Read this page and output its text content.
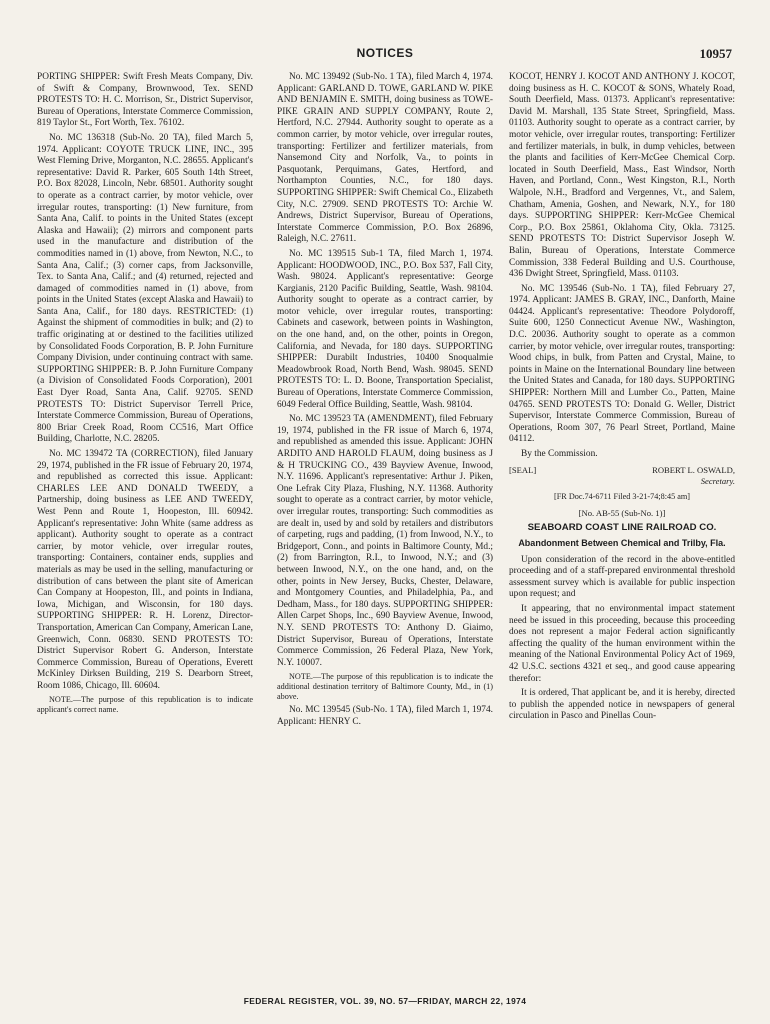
NOTICES	10957

PORTING SHIPPER: Swift Fresh Meats Company, Div. of Swift & Company, Brownwood, Tex. SEND PROTESTS TO: H. C. Morrison, Sr., District Supervisor, Bureau of Operations, Interstate Commerce Commission, 819 Taylor St., Fort Worth, Tex. 76102.

No. MC 136318 (Sub-No. 20 TA), filed March 5, 1974. Applicant: COYOTE TRUCK LINE, INC., 395 West Fleming Drive, Morganton, N.C. 28655. Applicant's representative: David R. Parker, 605 South 14th Street, P.O. Box 82028, Lincoln, Nebr. 68501. Authority sought to operate as a contract carrier, by motor vehicle, over irregular routes, transporting: (1) New furniture, from Santa Ana, Calif. to points in the United States (except Alaska and Hawaii); (2) mirrors and component parts used in the manufacture and distribution of the commodities named in (1) above, from Newton, N.C., to Santa Ana, Calif.; (3) corner caps, from Jacksonville, Tex. to Santa Ana, Calif.; and (4) returned, rejected and damaged of commodities named in (1) above, from points in the United States (except Alaska and Hawaii) to Santa Ana, Calif., for 180 days. RESTRICTED: (1) Against the shipment of commodities in bulk; and (2) to traffic originating at or destined to the facilities utilized by Consolidated Foods Corporation, B. P. John Furniture Company Division, under continuing contract with same. SUPPORTING SHIPPER: B. P. John Furniture Company (a Division of Consolidated Foods Corporation), 2001 East Dyer Road, Santa Ana, Calif. 92705. SEND PROTESTS TO: District Supervisor Terrell Price, Interstate Commerce Commission, Bureau of Operations, 800 Briar Creek Road, Room CC516, Mart Office Building, Charlotte, N.C. 28205.

No. MC 139472 TA (CORRECTION), filed January 29, 1974, published in the FR issue of February 20, 1974, and republished as corrected this issue. Applicant: CHARLES LEE AND DONALD TWEEDY, a Partnership, doing business as LEE AND TWEEDY, West Penn and Route 1, Hoopeston, Ill. 60942. Applicant's representative: John White (same address as applicant). Authority sought to operate as a contract carrier, by motor vehicle, over irregular routes, transporting: Containers, container ends, supplies and materials as may be used in the selling, manufacturing or distribution of cans between the plant site of American Can Company at Hoopeston, Ill., and points in Indiana, Iowa, Michigan, and Wisconsin, for 180 days. SUPPORTING SHIPPER: R. H. Lorenz, Director-Transportation, American Can Company, American Lane, Greenwich, Conn. 06830. SEND PROTESTS TO: District Supervisor Robert G. Anderson, Interstate Commerce Commission, Bureau of Operations, Everett McKinley Dirksen Building, 219 S. Dearborn Street, Room 1086, Chicago, Ill. 60604.

NOTE.—The purpose of this republication is to indicate applicant's correct name.

No. MC 139492 (Sub-No. 1 TA), filed March 4, 1974. Applicant: GARLAND D. TOWE, GARLAND W. PIKE AND BENJAMIN E. SMITH, doing business as TOWE-PIKE GRAIN AND SUPPLY COMPANY, Route 2, Hertford, N.C. 27944. Authority sought to operate as a common carrier, by motor vehicle, over irregular routes, transporting: Fertilizer and fertilizer materials, from Nansemond City and Norfolk, Va., to points in Pasquotank, Perquimans, Gates, Hertford, and Northampton Counties, N.C., for 180 days. SUPPORTING SHIPPER: Swift Chemical Co., Elizabeth City, N.C. 27909. SEND PROTESTS TO: Archie W. Andrews, District Supervisor, Bureau of Operations, Interstate Commerce Commission, P.O. Box 26896, Raleigh, N.C. 27611.

No. MC 139515 Sub-1 TA, filed March 1, 1974. Applicant: HOODWOOD, INC., P.O. Box 537, Fall City, Wash. 98024. Applicant's representative: George Kargianis, 2120 Pacific Building, Seattle, Wash. 98104. Authority sought to operate as a contract carrier, by motor vehicle, over irregular routes, transporting: Cabinets and casework, between points in Washington, on the one hand, and, on the other, points in Oregon, California, and Nevada, for 180 days. SUPPORTING SHIPPER: Durabilt Industries, 10400 Snoqualmie Meadowbrook Road, North Bend, Wash. 98045. SEND PROTESTS TO: L. D. Boone, Transportation Specialist, Bureau of Operations, Interstate Commerce Commission, 6049 Federal Office Building, Seattle, Wash. 98104.

No. MC 139523 TA (AMENDMENT), filed February 19, 1974, published in the FR issue of March 6, 1974, and republished as amended this issue. Applicant: JOHN ARDITO AND HAROLD FLAUM, doing business as J & H TRUCKING CO., 439 Bayview Avenue, Inwood, N.Y. 11696. Applicant's representative: Arthur J. Piken, One Lefrak City Plaza, Flushing, N.Y. 11368. Authority sought to operate as a contract carrier, by motor vehicle, over irregular routes, transporting: Such commodities as are dealt in, used by and sold by retailers and distributors of carpeting, rugs and padding, (1) from Inwood, N.Y., to Bridgeport, Conn., and points in Baltimore County, Md.; (2) from Barrington, R.I., to Inwood, N.Y.; and (3) between Inwood, N.Y., on the one hand, and, on the other, points in New Jersey, Bucks, Chester, Delaware, and Montgomery Counties, and Philadelphia, Pa., and Dedham, Mass., for 180 days. SUPPORTING SHIPPER: Allen Carpet Shops, Inc., 690 Bayview Avenue, Inwood, N.Y. SEND PROTESTS TO: Anthony D. Giaimo, District Supervisor, Bureau of Operations, Interstate Commerce Commission, 26 Federal Plaza, New York, N.Y. 10007.

NOTE.—The purpose of this republication is to indicate the additional destination territory of Baltimore County, Md., in (1) above.

No. MC 139545 (Sub-No. 1 TA), filed March 1, 1974. Applicant: HENRY C.

KOCOT, HENRY J. KOCOT AND ANTHONY J. KOCOT, doing business as H. C. KOCOT & SONS, Whately Road, South Deerfield, Mass. 01373. Applicant's representative: David M. Marshall, 135 State Street, Springfield, Mass. 01103. Authority sought to operate as a contract carrier, by motor vehicle, over irregular routes, transporting: Fertilizer and fertilizer materials, in bulk, in dump vehicles, between the plants and facilities of Kerr-McGee Chemical Corp. located in South Deerfield, Mass., East Windsor, North Haven, and Portland, Conn., West Kingston, R.I., North Walpole, N.H., Bradford and Vergennes, Vt., and Salem, Chatham, Amenia, Goshen, and Newark, N.Y., for 180 days. SUPPORTING SHIPPER: Kerr-McGee Chemical Corp., P.O. Box 25861, Oklahoma City, Okla. 73125. SEND PROTESTS TO: District Supervisor Joseph W. Balin, Bureau of Operations, Interstate Commerce Commission, 338 Federal Building and U.S. Courthouse, 436 Dwight Street, Springfield, Mass. 01103.

No. MC 139546 (Sub-No. 1 TA), filed February 27, 1974. Applicant: JAMES B. GRAY, INC., Danforth, Maine 04424. Applicant's representative: Theodore Polydoroff, Suite 600, 1250 Connecticut Avenue NW., Washington, D.C. 20036. Authority sought to operate as a common carrier, by motor vehicle, over irregular routes, transporting: Wood chips, in bulk, from Patten and Crystal, Maine, to points in Maine on the International Boundary line between the United States and Canada, for 180 days. SUPPORTING SHIPPER: Northern Mill and Lumber Co., Patten, Maine 04765. SEND PROTESTS TO: Donald G. Weller, District Supervisor, Interstate Commerce Commission, Bureau of Operations, Room 307, 76 Pearl Street, Portland, Maine 04112.

By the Commission.

[SEAL]	ROBERT L. OSWALD,
Secretary.
[FR Doc.74-6711 Filed 3-21-74;8:45 am]
[No. AB-55 (Sub-No. 1)]
SEABOARD COAST LINE RAILROAD CO.
Abandonment Between Chemical and Trilby, Fla.

Upon consideration of the record in the above-entitled proceeding and of a staff-prepared environmental threshold assessment survey which is available for public inspection upon request; and

It appearing, that no environmental impact statement need be issued in this proceeding, because this proceeding does not represent a major Federal action significantly affecting the quality of the human environment within the meaning of the National Environmental Policy Act of 1969, 42 U.S.C. sections 4321 et seq., and good cause appearing therefor:

It is ordered, That applicant be, and it is hereby, directed to publish the appended notice in newspapers of general circulation in Pasco and Pinellas Coun-

FEDERAL REGISTER, VOL. 39, NO. 57—FRIDAY, MARCH 22, 1974
